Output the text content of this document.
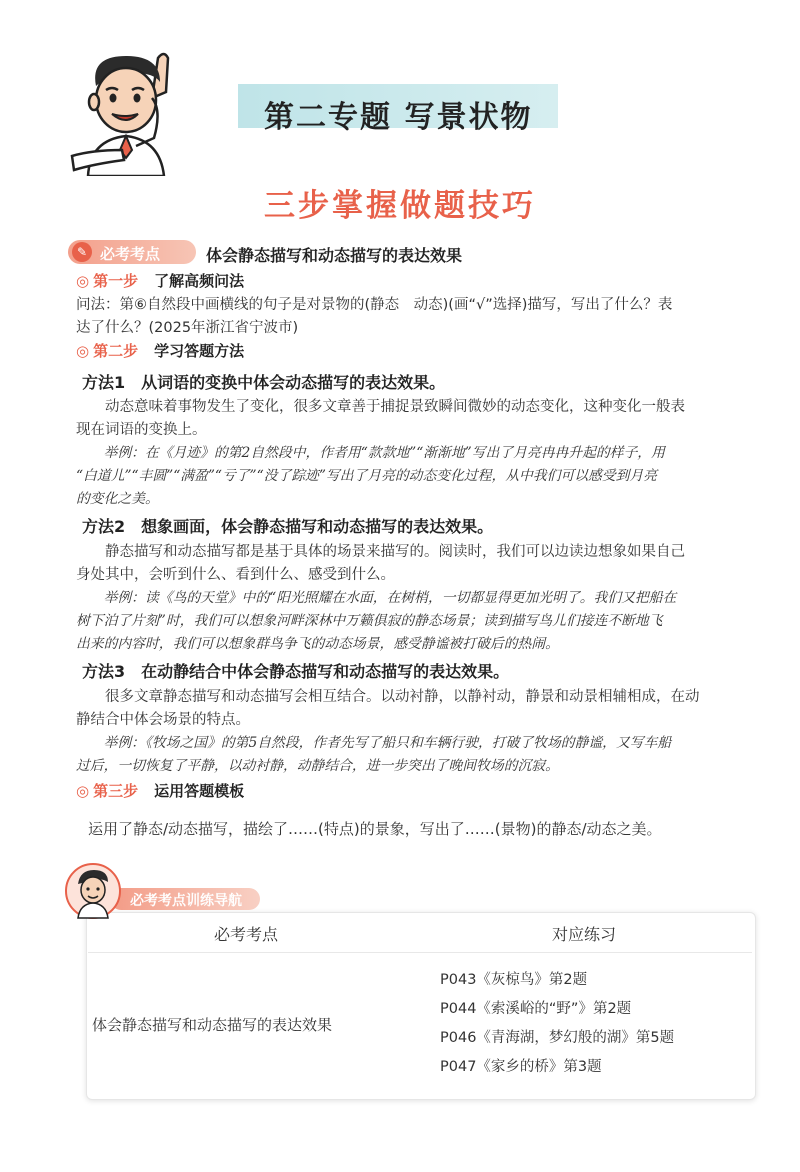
第二专题 写景状物
三步掌握做题技巧
✎ 必考考点	体会静态描写和动态描写的表达效果
◎ 第一步 了解高频问法
问法：第⑥自然段中画横线的句子是对景物的(静态　动态)(画“√”选择)描写，写出了什么？表
达了什么？(2025年浙江省宁波市)
◎ 第二步 学习答题方法
方法1 从词语的变换中体会动态描写的表达效果。
　　动态意味着事物发生了变化，很多文章善于捕捉景致瞬间微妙的动态变化，这种变化一般表
现在词语的变换上。
　　举例：在《月迹》的第2自然段中，作者用“款款地”“渐渐地”写出了月亮冉冉升起的样子，用
“白道儿”“丰圆”“满盈”“亏了”“没了踪迹”写出了月亮的动态变化过程，从中我们可以感受到月亮
的变化之美。
方法2 想象画面，体会静态描写和动态描写的表达效果。
　　静态描写和动态描写都是基于具体的场景来描写的。阅读时，我们可以边读边想象如果自己
身处其中，会听到什么、看到什么、感受到什么。
　　举例：读《鸟的天堂》中的“阳光照耀在水面，在树梢，一切都显得更加光明了。我们又把船在
树下泊了片刻”时，我们可以想象河畔深林中万籁俱寂的静态场景；读到描写鸟儿们接连不断地飞
出来的内容时，我们可以想象群鸟争飞的动态场景，感受静谧被打破后的热闹。
方法3 在动静结合中体会静态描写和动态描写的表达效果。
　　很多文章静态描写和动态描写会相互结合。以动衬静，以静衬动，静景和动景相辅相成，在动
静结合中体会场景的特点。
　　举例：《牧场之国》的第5自然段，作者先写了船只和车辆行驶，打破了牧场的静谧，又写车船
过后，一切恢复了平静，以动衬静，动静结合，进一步突出了晚间牧场的沉寂。
◎ 第三步 运用答题模板
运用了静态/动态描写，描绘了……(特点)的景象，写出了……(景物)的静态/动态之美。
必考考点训练导航
必考考点	对应练习
体会静态描写和动态描写的表达效果
P043《灰椋鸟》第2题
P044《索溪峪的“野”》第2题
P046《青海湖，梦幻般的湖》第5题
P047《家乡的桥》第3题
